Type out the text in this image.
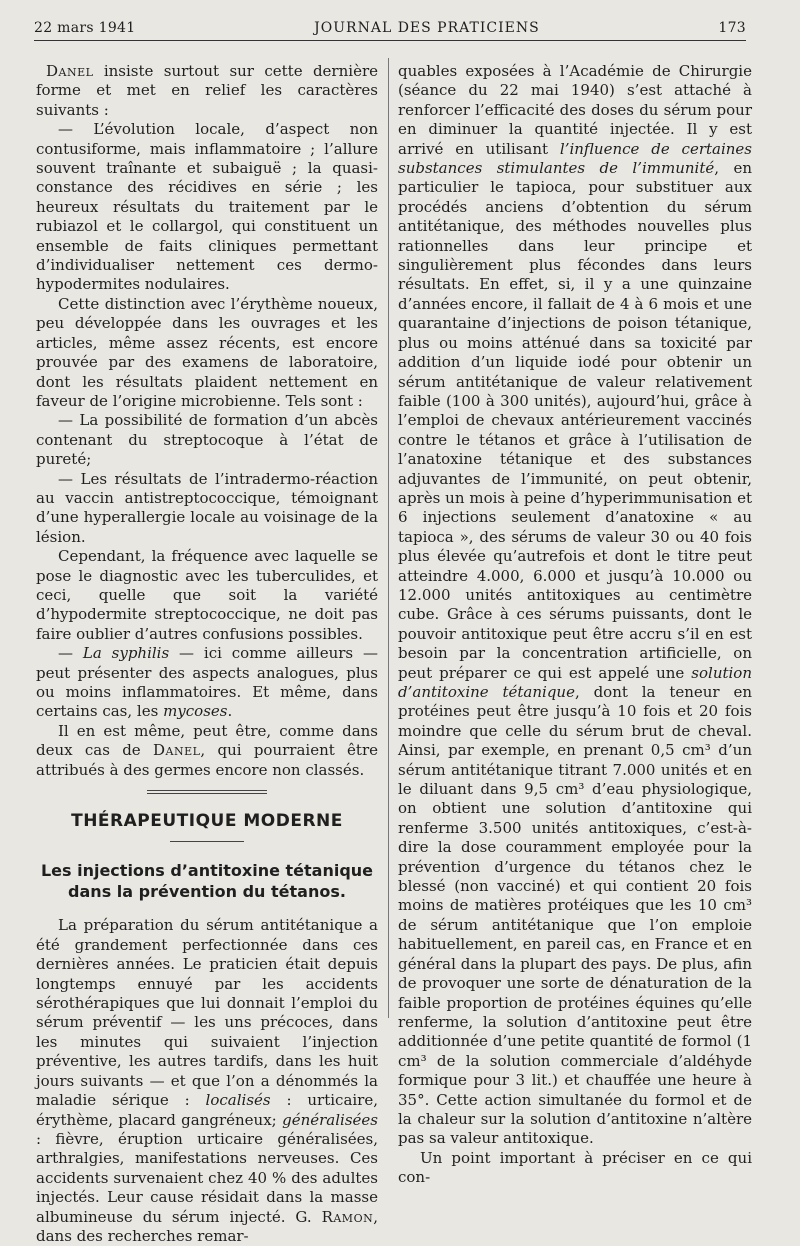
22 mars 1941	JOURNAL DES PRATICIENS	173

Danel insiste surtout sur cette dernière forme et met en relief les caractères suivants :

— L’évolution locale, d’aspect non contusiforme, mais inflammatoire ; l’allure souvent traînante et subaiguë ; la quasi-constance des récidives en série ; les heureux résultats du traitement par le rubiazol et le collargol, qui constituent un ensemble de faits cliniques permettant d’individualiser nettement ces dermo-hypodermites nodulaires.

Cette distinction avec l’érythème noueux, peu développée dans les ouvrages et les articles, même assez récents, est encore prouvée par des examens de laboratoire, dont les résultats plaident nettement en faveur de l’origine microbienne. Tels sont :

— La possibilité de formation d’un abcès contenant du streptocoque à l’état de pureté;

— Les résultats de l’intradermo-réaction au vaccin antistreptococcique, témoignant d’une hyperallergie locale au voisinage de la lésion.

Cependant, la fréquence avec laquelle se pose le diagnostic avec les tuberculides, et ceci, quelle que soit la variété d’hypodermite streptococcique, ne doit pas faire oublier d’autres confusions possibles.

— La syphilis — ici comme ailleurs — peut présenter des aspects analogues, plus ou moins inflammatoires. Et même, dans certains cas, les mycoses.

Il en est même, peut être, comme dans deux cas de Danel, qui pourraient être attribués à des germes encore non classés.

THÉRAPEUTIQUE MODERNE
Les injections d’antitoxine tétanique dans la prévention du tétanos.

La préparation du sérum antitétanique a été grandement perfectionnée dans ces dernières années. Le praticien était depuis longtemps ennuyé par les accidents sérothérapiques que lui donnait l’emploi du sérum préventif — les uns précoces, dans les minutes qui suivaient l’injection préventive, les autres tardifs, dans les huit jours suivants — et que l’on a dénommés la maladie sérique : localisés : urticaire, érythème, placard gangréneux; généralisées : fièvre, éruption urticaire généralisées, arthralgies, manifestations nerveuses. Ces accidents survenaient chez 40 % des adultes injectés. Leur cause résidait dans la masse albumineuse du sérum injecté. G. Ramon, dans des recherches remar-

quables exposées à l’Académie de Chirurgie (séance du 22 mai 1940) s’est attaché à renforcer l’efficacité des doses du sérum pour en diminuer la quantité injectée. Il y est arrivé en utilisant l’influence de certaines substances stimulantes de l’immunité, en particulier le tapioca, pour substituer aux procédés anciens d’obtention du sérum antitétanique, des méthodes nouvelles plus rationnelles dans leur principe et singulièrement plus fécondes dans leurs résultats. En effet, si, il y a une quinzaine d’années encore, il fallait de 4 à 6 mois et une quarantaine d’injections de poison tétanique, plus ou moins atténué dans sa toxicité par addition d’un liquide iodé pour obtenir un sérum antitétanique de valeur relativement faible (100 à 300 unités), aujourd’hui, grâce à l’emploi de chevaux antérieurement vaccinés contre le tétanos et grâce à l’utilisation de l’anatoxine tétanique et des substances adjuvantes de l’immunité, on peut obtenir, après un mois à peine d’hyperimmunisation et 6 injections seulement d’anatoxine « au tapioca », des sérums de valeur 30 ou 40 fois plus élevée qu’autrefois et dont le titre peut atteindre 4.000, 6.000 et jusqu’à 10.000 ou 12.000 unités antitoxiques au centimètre cube. Grâce à ces sérums puissants, dont le pouvoir antitoxique peut être accru s’il en est besoin par la concentration artificielle, on peut préparer ce qui est appelé une solution d’antitoxine tétanique, dont la teneur en protéines peut être jusqu’à 10 fois et 20 fois moindre que celle du sérum brut de cheval. Ainsi, par exemple, en prenant 0,5 cm³ d’un sérum antitétanique titrant 7.000 unités et en le diluant dans 9,5 cm³ d’eau physiologique, on obtient une solution d’antitoxine qui renferme 3.500 unités antitoxiques, c’est-à-dire la dose couramment employée pour la prévention d’urgence du tétanos chez le blessé (non vacciné) et qui contient 20 fois moins de matières protéiques que les 10 cm³ de sérum antitétanique que l’on emploie habituellement, en pareil cas, en France et en général dans la plupart des pays. De plus, afin de provoquer une sorte de dénaturation de la faible proportion de protéines équines qu’elle renferme, la solution d’antitoxine peut être additionnée d’une petite quantité de formol (1 cm³ de la solution commerciale d’aldéhyde formique pour 3 lit.) et chauffée une heure à 35°. Cette action simultanée du formol et de la chaleur sur la solution d’antitoxine n’altère pas sa valeur antitoxique.

Un point important à préciser en ce qui con-
